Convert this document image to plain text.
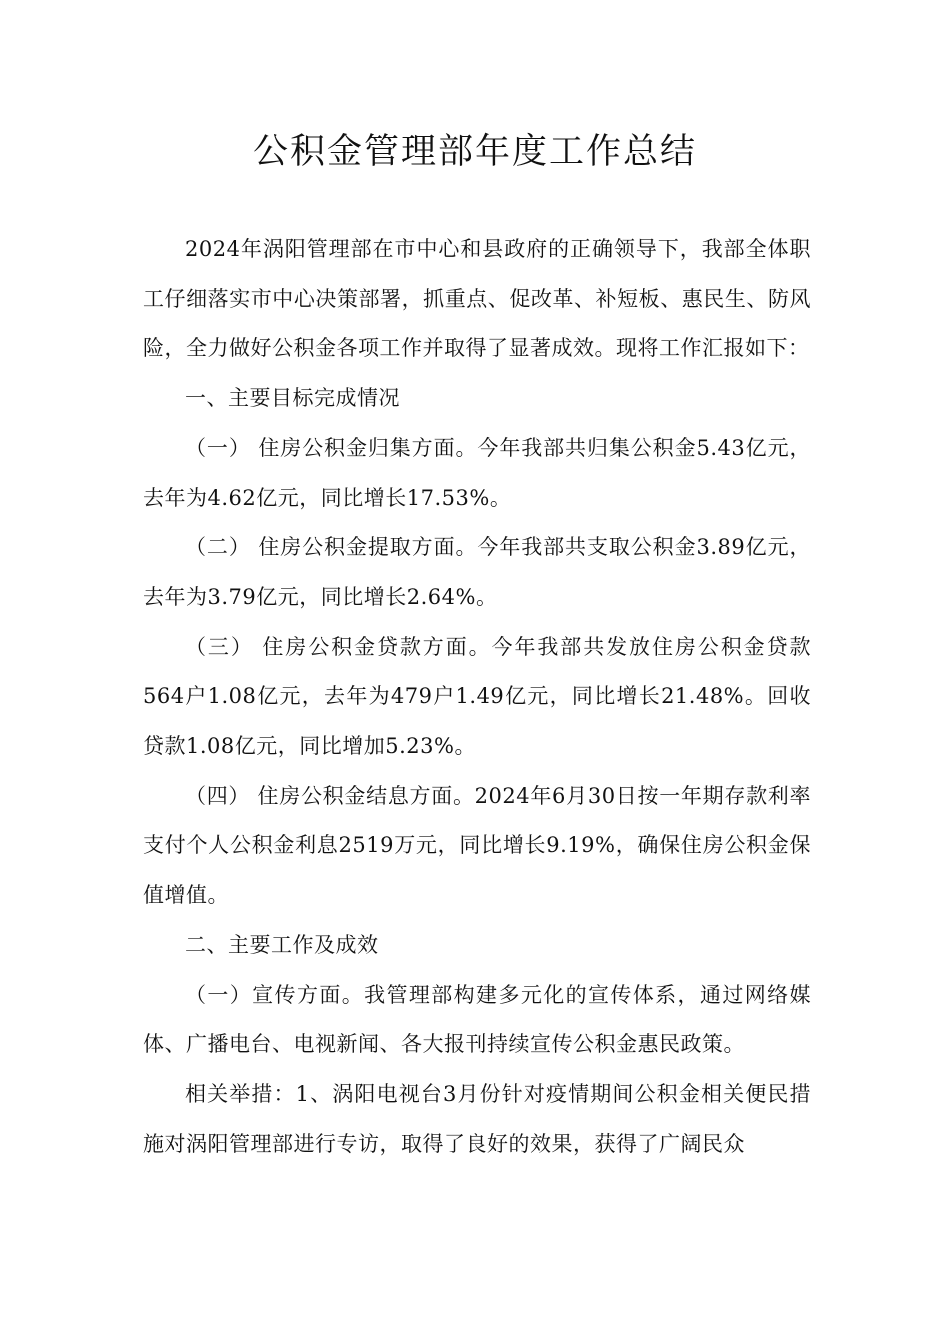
公积金管理部年度工作总结

2024年涡阳管理部在市中心和县政府的正确领导下，我部全体职工仔细落实市中心决策部署，抓重点、促改革、补短板、惠民生、防风险，全力做好公积金各项工作并取得了显著成效。现将工作汇报如下：

一、主要目标完成情况

（一） 住房公积金归集方面。今年我部共归集公积金5.43亿元，去年为4.62亿元，同比增长17.53%。

（二） 住房公积金提取方面。今年我部共支取公积金3.89亿元，去年为3.79亿元，同比增长2.64%。

（三） 住房公积金贷款方面。今年我部共发放住房公积金贷款564户1.08亿元，去年为479户1.49亿元，同比增长21.48%。回收贷款1.08亿元，同比增加5.23%。

（四） 住房公积金结息方面。2024年6月30日按一年期存款利率支付个人公积金利息2519万元，同比增长9.19%，确保住房公积金保值增值。

二、主要工作及成效

（一）宣传方面。我管理部构建多元化的宣传体系，通过网络媒体、广播电台、电视新闻、各大报刊持续宣传公积金惠民政策。

相关举措：1、涡阳电视台3月份针对疫情期间公积金相关便民措施对涡阳管理部进行专访，取得了良好的效果，获得了广阔民众
